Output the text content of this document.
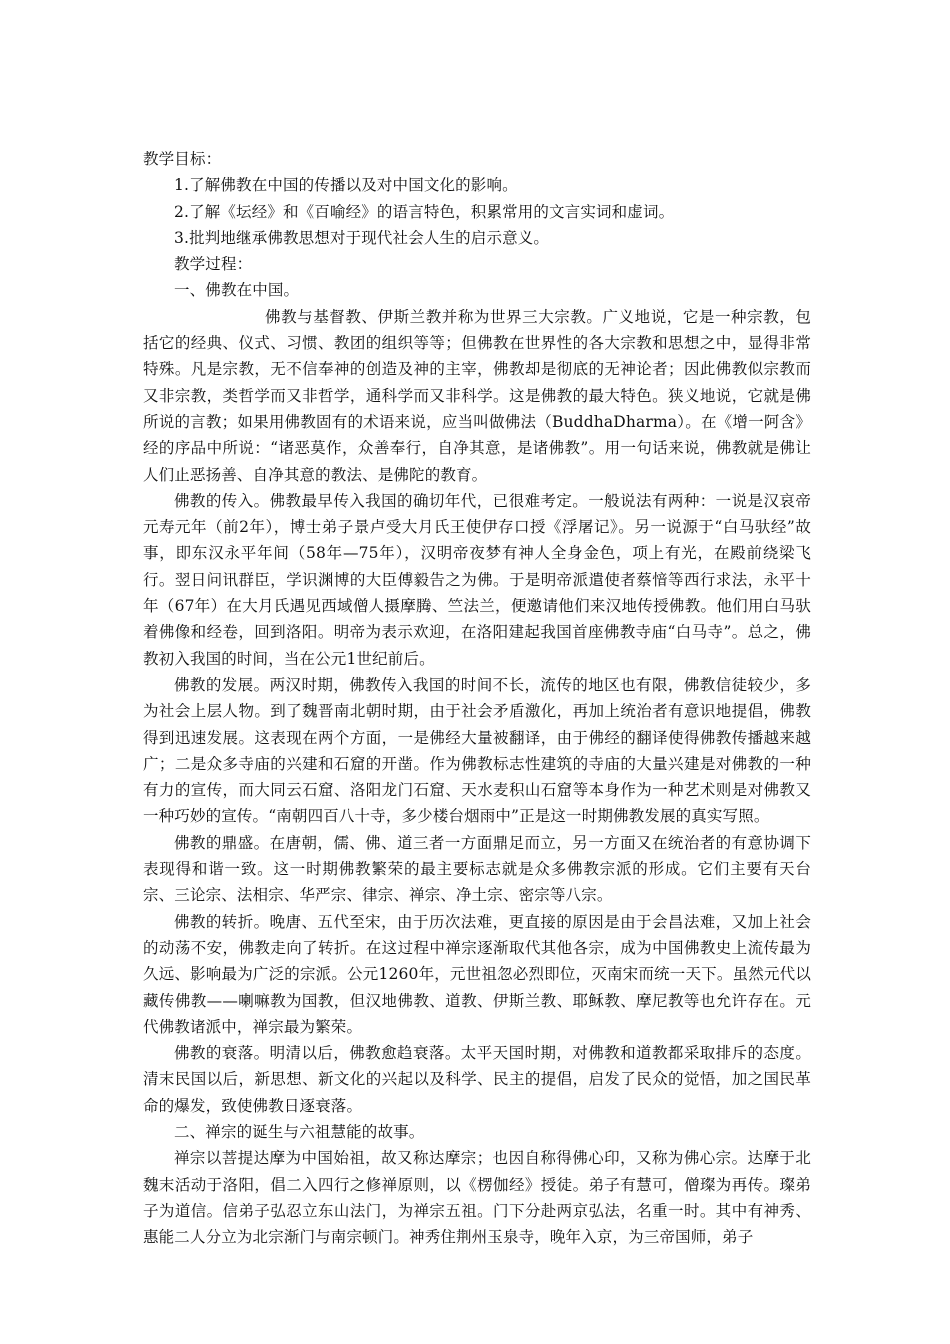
教学目标：

1.了解佛教在中国的传播以及对中国文化的影响。

2.了解《坛经》和《百喻经》的语言特色，积累常用的文言实词和虚词。

3.批判地继承佛教思想对于现代社会人生的启示意义。

教学过程：

一、佛教在中国。

佛教与基督教、伊斯兰教并称为世界三大宗教。广义地说，它是一种宗教，包括它的经典、仪式、习惯、教团的组织等等；但佛教在世界性的各大宗教和思想之中，显得非常特殊。凡是宗教，无不信奉神的创造及神的主宰，佛教却是彻底的无神论者；因此佛教似宗教而又非宗教，类哲学而又非哲学，通科学而又非科学。这是佛教的最大特色。狭义地说，它就是佛所说的言教；如果用佛教固有的术语来说，应当叫做佛法（BuddhaDharma）。在《增一阿含》经的序品中所说：“诸恶莫作，众善奉行，自净其意，是诸佛教”。用一句话来说，佛教就是佛让人们止恶扬善、自净其意的教法、是佛陀的教育。

佛教的传入。佛教最早传入我国的确切年代，已很难考定。一般说法有两种：一说是汉哀帝元寿元年（前2年），博士弟子景卢受大月氏王使伊存口授《浮屠记》。另一说源于“白马驮经”故事，即东汉永平年间（58年—75年），汉明帝夜梦有神人全身金色，项上有光，在殿前绕梁飞行。翌日问讯群臣，学识渊博的大臣傅毅告之为佛。于是明帝派遣使者蔡愔等西行求法，永平十年（67年）在大月氏遇见西域僧人摄摩腾、竺法兰，便邀请他们来汉地传授佛教。他们用白马驮着佛像和经卷，回到洛阳。明帝为表示欢迎，在洛阳建起我国首座佛教寺庙“白马寺”。总之，佛教初入我国的时间，当在公元1世纪前后。

佛教的发展。两汉时期，佛教传入我国的时间不长，流传的地区也有限，佛教信徒较少，多为社会上层人物。到了魏晋南北朝时期，由于社会矛盾激化，再加上统治者有意识地提倡，佛教得到迅速发展。这表现在两个方面，一是佛经大量被翻译，由于佛经的翻译使得佛教传播越来越广；二是众多寺庙的兴建和石窟的开凿。作为佛教标志性建筑的寺庙的大量兴建是对佛教的一种有力的宣传，而大同云石窟、洛阳龙门石窟、天水麦积山石窟等本身作为一种艺术则是对佛教又一种巧妙的宣传。“南朝四百八十寺，多少楼台烟雨中”正是这一时期佛教发展的真实写照。

佛教的鼎盛。在唐朝，儒、佛、道三者一方面鼎足而立，另一方面又在统治者的有意协调下表现得和谐一致。这一时期佛教繁荣的最主要标志就是众多佛教宗派的形成。它们主要有天台宗、三论宗、法相宗、华严宗、律宗、禅宗、净土宗、密宗等八宗。

佛教的转折。晚唐、五代至宋，由于历次法难，更直接的原因是由于会昌法难，又加上社会的动荡不安，佛教走向了转折。在这过程中禅宗逐渐取代其他各宗，成为中国佛教史上流传最为久远、影响最为广泛的宗派。公元1260年，元世祖忽必烈即位，灭南宋而统一天下。虽然元代以藏传佛教——喇嘛教为国教，但汉地佛教、道教、伊斯兰教、耶稣教、摩尼教等也允许存在。元代佛教诸派中，禅宗最为繁荣。

佛教的衰落。明清以后，佛教愈趋衰落。太平天国时期，对佛教和道教都采取排斥的态度。清末民国以后，新思想、新文化的兴起以及科学、民主的提倡，启发了民众的觉悟，加之国民革命的爆发，致使佛教日逐衰落。

二、禅宗的诞生与六祖慧能的故事。

禅宗以菩提达摩为中国始祖，故又称达摩宗；也因自称得佛心印，又称为佛心宗。达摩于北魏末活动于洛阳，倡二入四行之修禅原则，以《楞伽经》授徒。弟子有慧可，僧璨为再传。璨弟子为道信。信弟子弘忍立东山法门，为禅宗五祖。门下分赴两京弘法，名重一时。其中有神秀、惠能二人分立为北宗渐门与南宗顿门。神秀住荆州玉泉寺，晚年入京，为三帝国师，弟子
